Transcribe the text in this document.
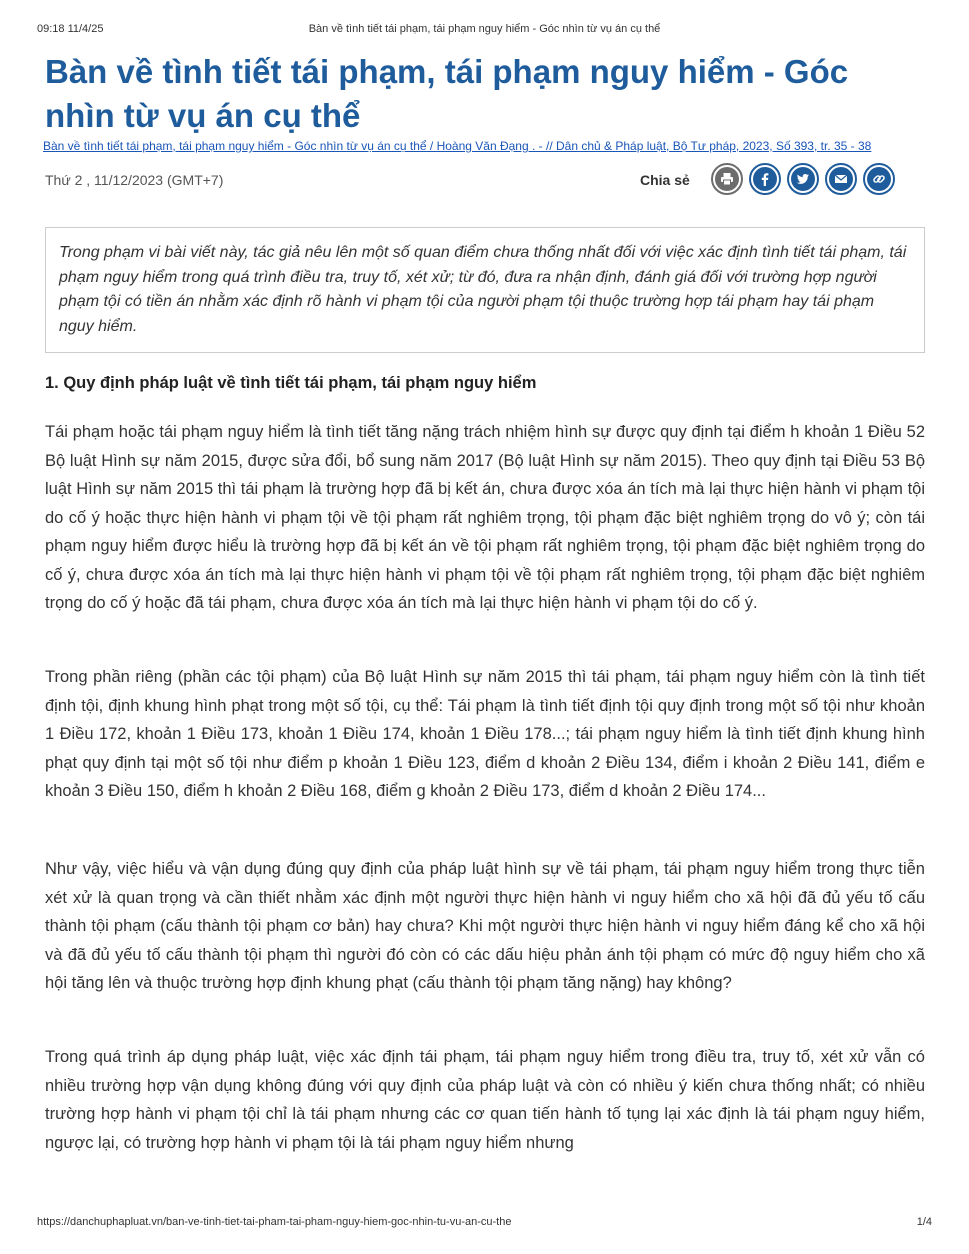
09:18 11/4/25	Bàn về tình tiết tái phạm, tái phạm nguy hiểm - Góc nhìn từ vụ án cụ thể
Bàn về tình tiết tái phạm, tái phạm nguy hiểm - Góc nhìn từ vụ án cụ thể
Bàn về tình tiết tái phạm, tái phạm nguy hiểm - Góc nhìn từ vụ án cụ thể / Hoàng Văn Đạng . - // Dân chủ & Pháp luật, Bộ Tư pháp, 2023, Số 393, tr. 35 - 38
Thứ 2 , 11/12/2023 (GMT+7)	Chia sẻ
Trong phạm vi bài viết này, tác giả nêu lên một số quan điểm chưa thống nhất đối với việc xác định tình tiết tái phạm, tái phạm nguy hiểm trong quá trình điều tra, truy tố, xét xử; từ đó, đưa ra nhận định, đánh giá đối với trường hợp người phạm tội có tiền án nhằm xác định rõ hành vi phạm tội của người phạm tội thuộc trường hợp tái phạm hay tái phạm nguy hiểm.
1. Quy định pháp luật về tình tiết tái phạm, tái phạm nguy hiểm

Tái phạm hoặc tái phạm nguy hiểm là tình tiết tăng nặng trách nhiệm hình sự được quy định tại điểm h khoản 1 Điều 52 Bộ luật Hình sự năm 2015, được sửa đổi, bổ sung năm 2017 (Bộ luật Hình sự năm 2015). Theo quy định tại Điều 53 Bộ luật Hình sự năm 2015 thì tái phạm là trường hợp đã bị kết án, chưa được xóa án tích mà lại thực hiện hành vi phạm tội do cố ý hoặc thực hiện hành vi phạm tội về tội phạm rất nghiêm trọng, tội phạm đặc biệt nghiêm trọng do vô ý; còn tái phạm nguy hiểm được hiểu là trường hợp đã bị kết án về tội phạm rất nghiêm trọng, tội phạm đặc biệt nghiêm trọng do cố ý, chưa được xóa án tích mà lại thực hiện hành vi phạm tội về tội phạm rất nghiêm trọng, tội phạm đặc biệt nghiêm trọng do cố ý hoặc đã tái phạm, chưa được xóa án tích mà lại thực hiện hành vi phạm tội do cố ý.

Trong phần riêng (phần các tội phạm) của Bộ luật Hình sự năm 2015 thì tái phạm, tái phạm nguy hiểm còn là tình tiết định tội, định khung hình phạt trong một số tội, cụ thể: Tái phạm là tình tiết định tội quy định trong một số tội như khoản 1 Điều 172, khoản 1 Điều 173, khoản 1 Điều 174, khoản 1 Điều 178...; tái phạm nguy hiểm là tình tiết định khung hình phạt quy định tại một số tội như điểm p khoản 1 Điều 123, điểm d khoản 2 Điều 134, điểm i khoản 2 Điều 141, điểm e khoản 3 Điều 150, điểm h khoản 2 Điều 168, điểm g khoản 2 Điều 173, điểm d khoản 2 Điều 174...

Như vậy, việc hiểu và vận dụng đúng quy định của pháp luật hình sự về tái phạm, tái phạm nguy hiểm trong thực tiễn xét xử là quan trọng và cần thiết nhằm xác định một người thực hiện hành vi nguy hiểm cho xã hội đã đủ yếu tố cấu thành tội phạm (cấu thành tội phạm cơ bản) hay chưa? Khi một người thực hiện hành vi nguy hiểm đáng kể cho xã hội và đã đủ yếu tố cấu thành tội phạm thì người đó còn có các dấu hiệu phản ánh tội phạm có mức độ nguy hiểm cho xã hội tăng lên và thuộc trường hợp định khung phạt (cấu thành tội phạm tăng nặng) hay không?

Trong quá trình áp dụng pháp luật, việc xác định tái phạm, tái phạm nguy hiểm trong điều tra, truy tố, xét xử vẫn có nhiều trường hợp vận dụng không đúng với quy định của pháp luật và còn có nhiều ý kiến chưa thống nhất; có nhiều trường hợp hành vi phạm tội chỉ là tái phạm nhưng các cơ quan tiến hành tố tụng lại xác định là tái phạm nguy hiểm, ngược lại, có trường hợp hành vi phạm tội là tái phạm nguy hiểm nhưng

https://danchuphapluat.vn/ban-ve-tinh-tiet-tai-pham-tai-pham-nguy-hiem-goc-nhin-tu-vu-an-cu-the	1/4
